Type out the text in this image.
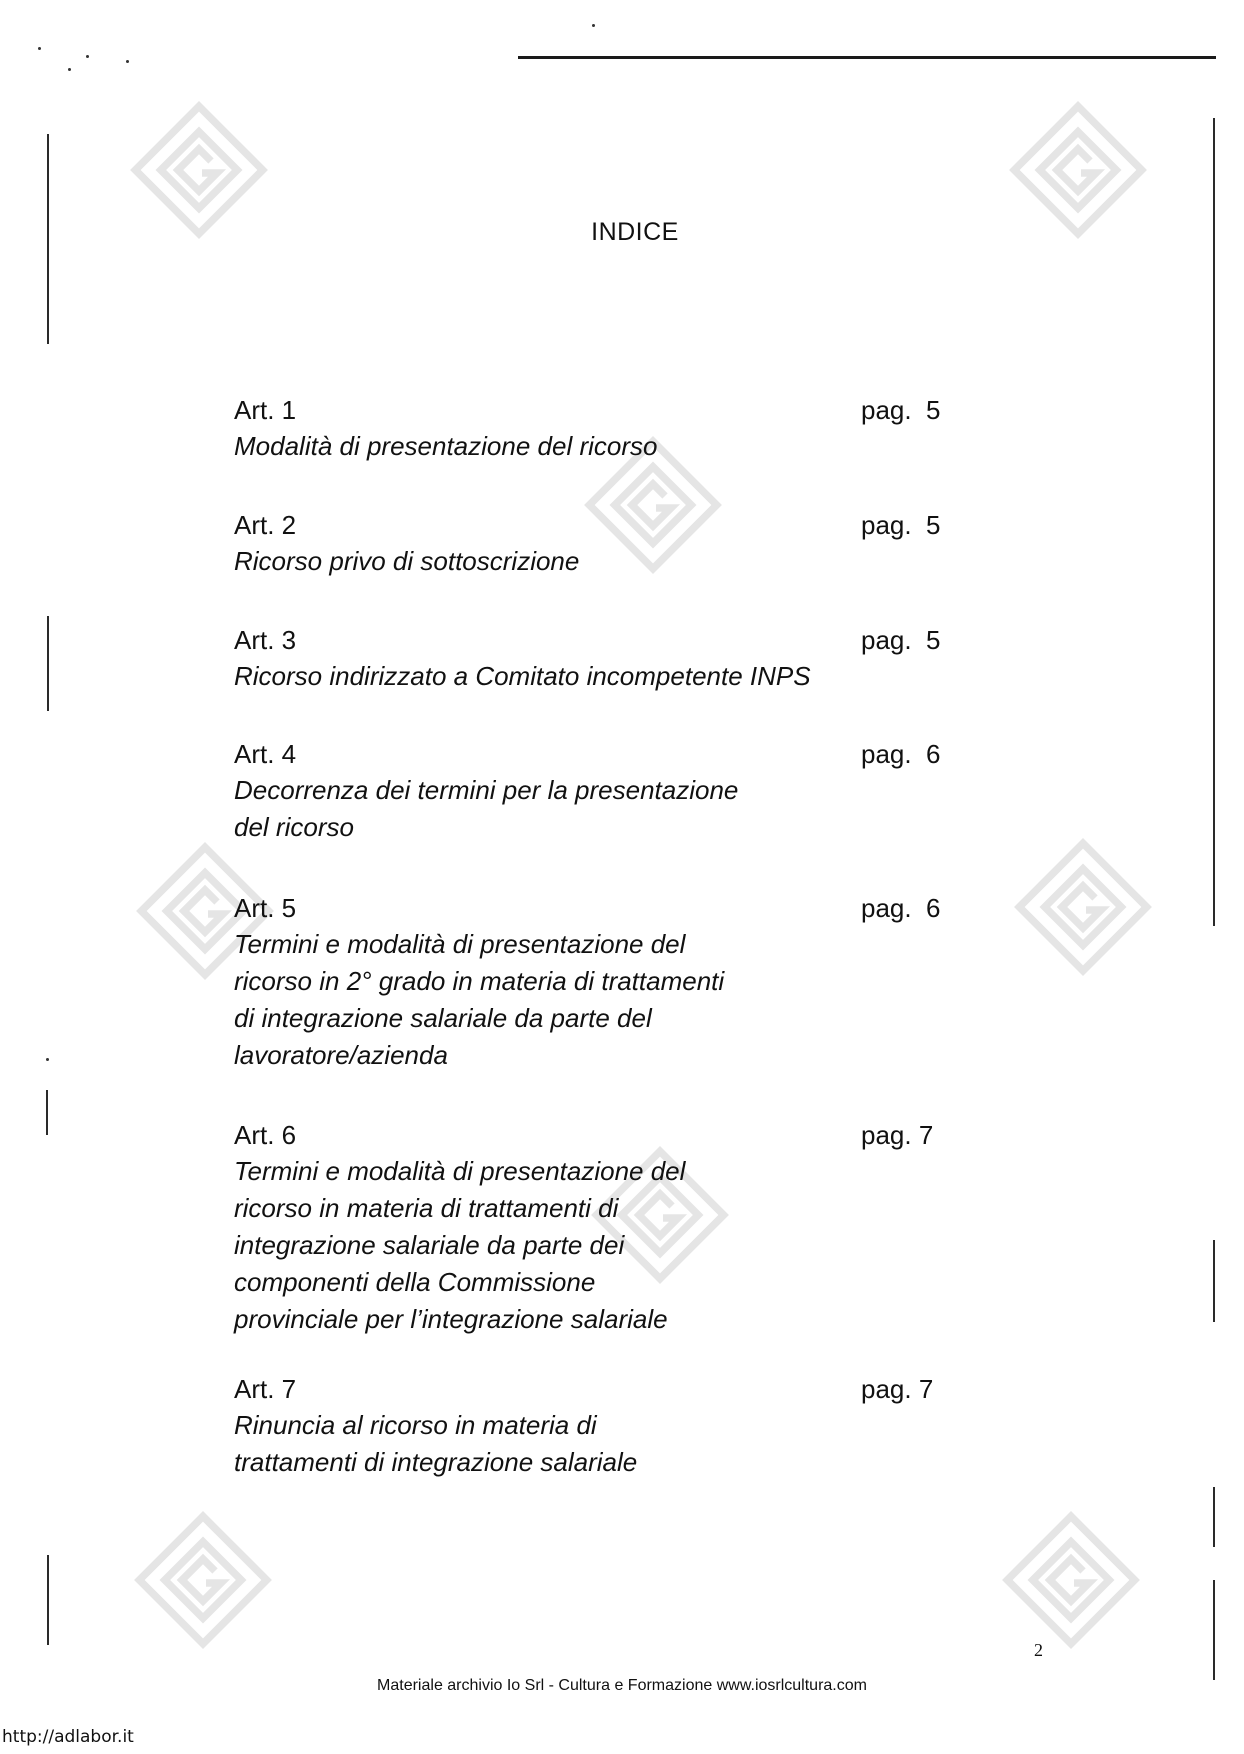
INDICE
Art. 1	pag.  5
Modalità di presentazione del ricorso
Art. 2	pag.  5
Ricorso privo di sottoscrizione
Art. 3	pag.  5
Ricorso indirizzato a Comitato incompetente INPS
Art. 4	pag.  6
Decorrenza dei termini per la presentazione
del ricorso
Art. 5	pag.  6
Termini e modalità di presentazione del
ricorso in 2° grado in materia di trattamenti
di integrazione salariale da parte del
lavoratore/azienda
Art. 6	pag. 7
Termini e modalità di presentazione del
ricorso in materia di trattamenti di
integrazione salariale da parte dei
componenti della Commissione
provinciale per l’integrazione salariale
Art. 7	pag. 7
Rinuncia al ricorso in materia di
trattamenti di integrazione salariale
2
Materiale archivio Io Srl - Cultura e Formazione www.iosrlcultura.com
http://adlabor.it
